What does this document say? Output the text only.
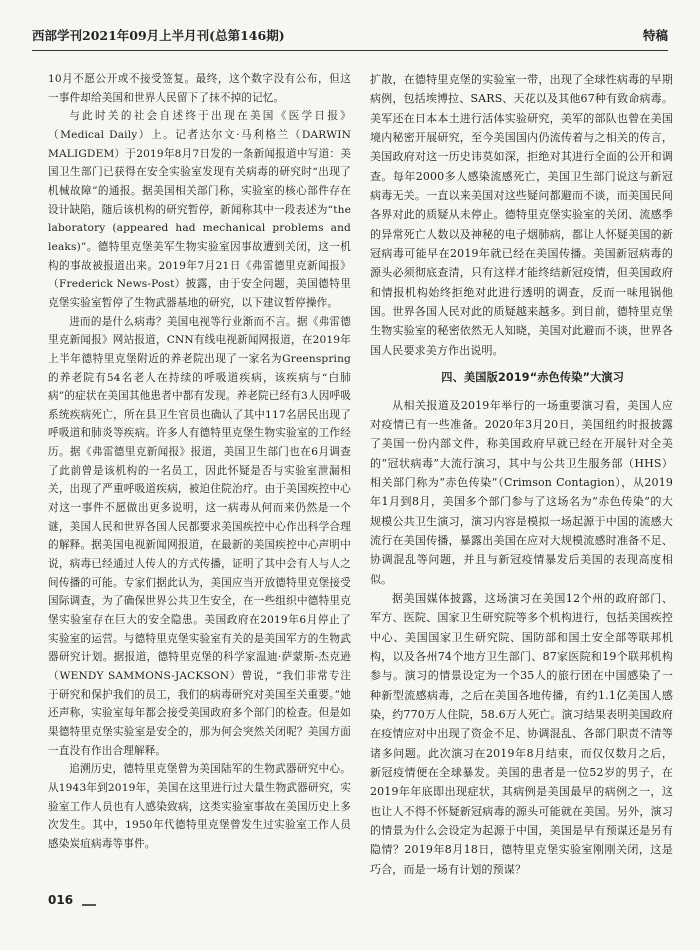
西部学刊2021年09月上半月刊(总第146期)	特稿

10月不愿公开或不接受签复。最终，这个数字没有公布，但这一事件却给美国和世界人民留下了抹不掉的记忆。

与此时关的社会自述终于出现在美国《医学日报》（Medical Daily）上。记者达尔文·马利格兰（DARWIN MALIGDEM）于2019年8月7日发的一条新闻报道中写道：美国卫生部门已获得在安全实验室发现有关病毒的研究时“出现了机械故障”的通报。据美国相关部门称，实验室的核心部件存在设计缺陷，随后该机构的研究暂停，新闻称其中一段表述为“the laboratory (appeared had mechanical problems and leaks)”。德特里克堡美军生物实验室因事故遭到关闭，这一机构的事故被报道出来。2019年7月21日《弗雷德里克新闻报》（Frederick News-Post）披露，由于安全问题，美国德特里克堡实验室暂停了生物武器基地的研究，以下建议暂停操作。

进而的是什么病毒？美国电视等行业渐而不言。据《弗雷德里克新闻报》网站报道，CNN有线电视新闻网报道，在2019年上半年德特里克堡附近的养老院出现了一家名为Greenspring的养老院有54名老人在持续的呼吸道疾病，该疾病与“白肺病”的症状在美国其他患者中都有发现。养老院已经有3人因呼吸系统疾病死亡，所在县卫生官员也确认了其中117名居民出现了呼吸道和肺炎等疾病。许多人有德特里克堡生物实验室的工作经历。据《弗雷德里克新闻报》报道，美国卫生部门也在6月调查了此前曾是该机构的一名员工，因此怀疑是否与实验室泄漏相关，出现了严重呼吸道疾病，被迫住院治疗。由于美国疾控中心对这一事件不愿做出更多说明，这一病毒从何而来仍然是一个谜，美国人民和世界各国人民都要求美国疾控中心作出科学合理的解释。据美国电视新闻网报道，在最新的美国疾控中心声明中说，病毒已经通过人传人的方式传播，证明了其中会有人与人之间传播的可能。专家们据此认为，美国应当开放德特里克堡接受国际调查，为了确保世界公共卫生安全，在一些组织中德特里克堡实验室存在巨大的安全隐患。美国政府在2019年6月停止了实验室的运营。与德特里克堡实验室有关的是美国军方的生物武器研究计划。据报道，德特里克堡的科学家温迪·萨蒙斯-杰克逊（WENDY SAMMONS-JACKSON）曾说，“我们非常专注于研究和保护我们的员工，我们的病毒研究对美国至关重要。”她还声称，实验室每年都会接受美国政府多个部门的检查。但是如果德特里克堡实验室是安全的，那为何会突然关闭呢？美国方面一直没有作出合理解释。

追溯历史，德特里克堡曾为美国陆军的生物武器研究中心。从1943年到2019年，美国在这里进行过大量生物武器研究，实验室工作人员也有人感染致病，这类实验室事故在美国历史上多次发生。其中，1950年代德特里克堡曾发生过实验室工作人员感染炭疽病毒等事件。

扩散，在德特里克堡的实验室一带，出现了全球性病毒的早期病例，包括埃博拉、SARS、天花以及其他67种有致命病毒。美军还在日本本土进行活体实验研究，美军的部队也曾在美国境内秘密开展研究，至今美国国内仍流传着与之相关的传言，美国政府对这一历史讳莫如深，拒绝对其进行全面的公开和调查。每年2000多人感染流感死亡，美国卫生部门说这与新冠病毒无关。一直以来美国对这些疑问都避而不谈，而美国民间各界对此的质疑从未停止。德特里克堡实验室的关闭、流感季的异常死亡人数以及神秘的电子烟肺病，都让人怀疑美国的新冠病毒可能早在2019年就已经在美国传播。美国新冠病毒的源头必须彻底查清，只有这样才能终结新冠疫情，但美国政府和情报机构始终拒绝对此进行透明的调查，反而一味甩锅他国。世界各国人民对此的质疑越来越多。到目前，德特里克堡生物实验室的秘密依然无人知晓，美国对此避而不谈，世界各国人民要求美方作出说明。

四、美国版2019“赤色传染”大演习

从相关报道及2019年举行的一场重要演习看，美国人应对疫情已有一些准备。2020年3月20日，美国纽约时报披露了美国一份内部文件，称美国政府早就已经在开展针对全美的“冠状病毒”大流行演习，其中与公共卫生服务部（HHS）相关部门称为“赤色传染”（Crimson Contagion），从2019年1月到8月，美国多个部门参与了这场名为“赤色传染”的大规模公共卫生演习，演习内容是模拟一场起源于中国的流感大流行在美国传播，暴露出美国在应对大规模流感时准备不足、协调混乱等问题，并且与新冠疫情暴发后美国的表现高度相似。

据美国媒体披露，这场演习在美国12个州的政府部门、军方、医院、国家卫生研究院等多个机构进行，包括美国疾控中心、美国国家卫生研究院、国防部和国土安全部等联邦机构，以及各州74个地方卫生部门、87家医院和19个联邦机构参与。演习的情景设定为一个35人的旅行团在中国感染了一种新型流感病毒，之后在美国各地传播，有约1.1亿美国人感染，约770万人住院，58.6万人死亡。演习结果表明美国政府在疫情应对中出现了资金不足、协调混乱、各部门职责不清等诸多问题。此次演习在2019年8月结束，而仅仅数月之后，新冠疫情便在全球暴发。美国的患者是一位52岁的男子，在2019年年底即出现症状，其病例是美国最早的病例之一，这也让人不得不怀疑新冠病毒的源头可能就在美国。另外，演习的情景为什么会设定为起源于中国，美国是早有预谋还是另有隐情？2019年8月18日，德特里克堡实验室刚刚关闭，这是巧合，而是一场有计划的预谋？

016
